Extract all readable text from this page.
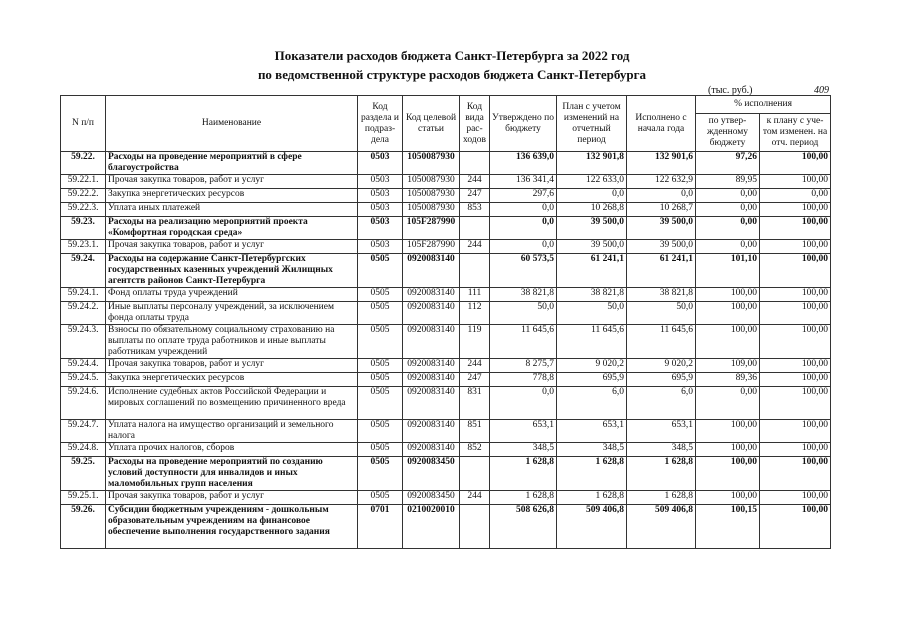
Показатели расходов бюджета Санкт-Петербурга за 2022 год
по ведомственной структуре расходов бюджета Санкт-Петербурга
(тыс. руб.)	409
N п/п	Наименование	Код раздела и подраз-дела	Код целевой статьи	Код вида рас-ходов	Утверждено по бюджету	План с учетом изменений на отчетный период	Исполнено с начала года	% исполнения	
								по утвер-жденному бюджету	к плану с уче-том изменен. на отч. период
59.22.	Расходы на проведение мероприятий в сфере благоустройства	0503	1050087930		136 639,0	132 901,8	132 901,6	97,26	100,00
59.22.1.	Прочая закупка товаров, работ и услуг	0503	1050087930	244	136 341,4	122 633,0	122 632,9	89,95	100,00
59.22.2.	Закупка энергетических ресурсов	0503	1050087930	247	297,6	0,0	0,0	0,00	0,00
59.22.3.	Уплата иных платежей	0503	1050087930	853	0,0	10 268,8	10 268,7	0,00	100,00
59.23.	Расходы на реализацию мероприятий проекта «Комфортная городская среда»	0503	105F287990		0,0	39 500,0	39 500,0	0,00	100,00
59.23.1.	Прочая закупка товаров, работ и услуг	0503	105F287990	244	0,0	39 500,0	39 500,0	0,00	100,00
59.24.	Расходы на содержание Санкт-Петербургских государственных казенных учреждений Жилищных агентств районов Санкт-Петербурга	0505	0920083140		60 573,5	61 241,1	61 241,1	101,10	100,00
59.24.1.	Фонд оплаты труда учреждений	0505	0920083140	111	38 821,8	38 821,8	38 821,8	100,00	100,00
59.24.2.	Иные выплаты персоналу учреждений, за исключением фонда оплаты труда	0505	0920083140	112	50,0	50,0	50,0	100,00	100,00
59.24.3.	Взносы по обязательному социальному страхованию на выплаты по оплате труда работников и иные выплаты работникам учреждений	0505	0920083140	119	11 645,6	11 645,6	11 645,6	100,00	100,00
59.24.4.	Прочая закупка товаров, работ и услуг	0505	0920083140	244	8 275,7	9 020,2	9 020,2	109,00	100,00
59.24.5.	Закупка энергетических ресурсов	0505	0920083140	247	778,8	695,9	695,9	89,36	100,00
59.24.6.	Исполнение судебных актов Российской Федерации и мировых соглашений по возмещению причиненного вреда	0505	0920083140	831	0,0	6,0	6,0	0,00	100,00
59.24.7.	Уплата налога на имущество организаций и земельного налога	0505	0920083140	851	653,1	653,1	653,1	100,00	100,00
59.24.8.	Уплата прочих налогов, сборов	0505	0920083140	852	348,5	348,5	348,5	100,00	100,00
59.25.	Расходы на проведение мероприятий по созданию условий доступности для инвалидов и иных маломобильных групп населения	0505	0920083450		1 628,8	1 628,8	1 628,8	100,00	100,00
59.25.1.	Прочая закупка товаров, работ и услуг	0505	0920083450	244	1 628,8	1 628,8	1 628,8	100,00	100,00
59.26.	Субсидии бюджетным учреждениям - дошкольным образовательным учреждениям на финансовое обеспечение выполнения государственного задания	0701	0210020010		508 626,8	509 406,8	509 406,8	100,15	100,00
